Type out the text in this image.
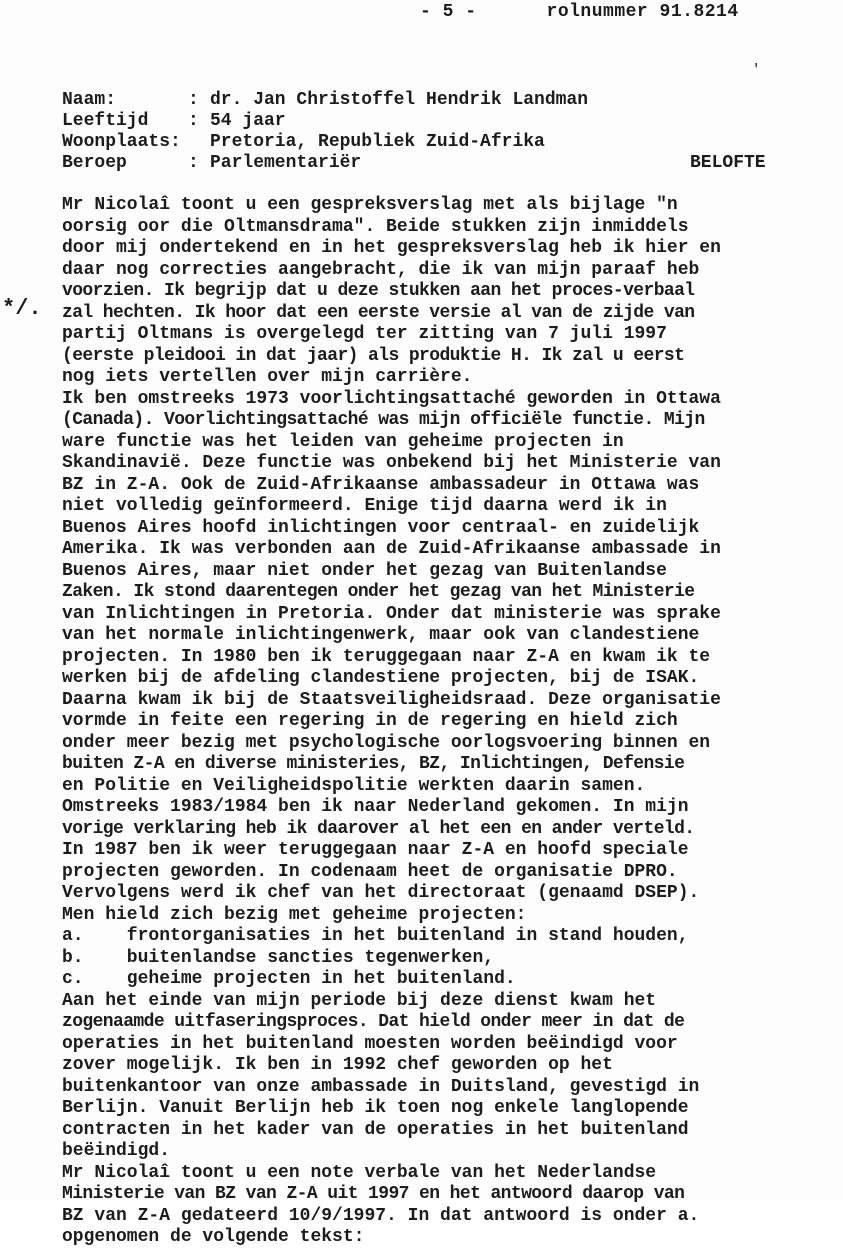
- 5 -	rolnummer 91.8214
'
*/.
Naam:	: dr. Jan Christoffel Hendrik Landman
Leeftijd : 54 jaar
Woonplaats: Pretoria, Republiek Zuid-Afrika
Beroep	: Parlementariër	BELOFTE
Mr Nicolaî toont u een gespreksverslag met als bijlage "n
oorsig oor die Oltmansdrama". Beide stukken zijn inmiddels
door mij ondertekend en in het gespreksverslag heb ik hier en
daar nog correcties aangebracht, die ik van mijn paraaf heb
voorzien. Ik begrijp dat u deze stukken aan het proces-verbaal
zal hechten. Ik hoor dat een eerste versie al van de zijde van
partij Oltmans is overgelegd ter zitting van 7 juli 1997
(eerste pleidooi in dat jaar) als produktie H. Ik zal u eerst
nog iets vertellen over mijn carrière.
Ik ben omstreeks 1973 voorlichtingsattaché geworden in Ottawa
(Canada). Voorlichtingsattaché was mijn officiële functie. Mijn
ware functie was het leiden van geheime projecten in
Skandinavië. Deze functie was onbekend bij het Ministerie van
BZ in Z-A. Ook de Zuid-Afrikaanse ambassadeur in Ottawa was
niet volledig geïnformeerd. Enige tijd daarna werd ik in
Buenos Aires hoofd inlichtingen voor centraal- en zuidelijk
Amerika. Ik was verbonden aan de Zuid-Afrikaanse ambassade in
Buenos Aires, maar niet onder het gezag van Buitenlandse
Zaken. Ik stond daarentegen onder het gezag van het Ministerie
van Inlichtingen in Pretoria. Onder dat ministerie was sprake
van het normale inlichtingenwerk, maar ook van clandestiene
projecten. In 1980 ben ik teruggegaan naar Z-A en kwam ik te
werken bij de afdeling clandestiene projecten, bij de ISAK.
Daarna kwam ik bij de Staatsveiligheidsraad. Deze organisatie
vormde in feite een regering in de regering en hield zich
onder meer bezig met psychologische oorlogsvoering binnen en
buiten Z-A en diverse ministeries, BZ, Inlichtingen, Defensie
en Politie en Veiligheidspolitie werkten daarin samen.
Omstreeks 1983/1984 ben ik naar Nederland gekomen. In mijn
vorige verklaring heb ik daarover al het een en ander verteld.
In 1987 ben ik weer teruggegaan naar Z-A en hoofd speciale
projecten geworden. In codenaam heet de organisatie DPRO.
Vervolgens werd ik chef van het directoraat (genaamd DSEP).
Men hield zich bezig met geheime projecten:
a.    frontorganisaties in het buitenland in stand houden,
b.    buitenlandse sancties tegenwerken,
c.    geheime projecten in het buitenland.
Aan het einde van mijn periode bij deze dienst kwam het
zogenaamde uitfaseringsproces. Dat hield onder meer in dat de
operaties in het buitenland moesten worden beëindigd voor
zover mogelijk. Ik ben in 1992 chef geworden op het
buitenkantoor van onze ambassade in Duitsland, gevestigd in
Berlijn. Vanuit Berlijn heb ik toen nog enkele langlopende
contracten in het kader van de operaties in het buitenland
beëindigd.
Mr Nicolaî toont u een note verbale van het Nederlandse
Ministerie van BZ van Z-A uit 1997 en het antwoord daarop van
BZ van Z-A gedateerd 10/9/1997. In dat antwoord is onder a.
opgenomen de volgende tekst:
